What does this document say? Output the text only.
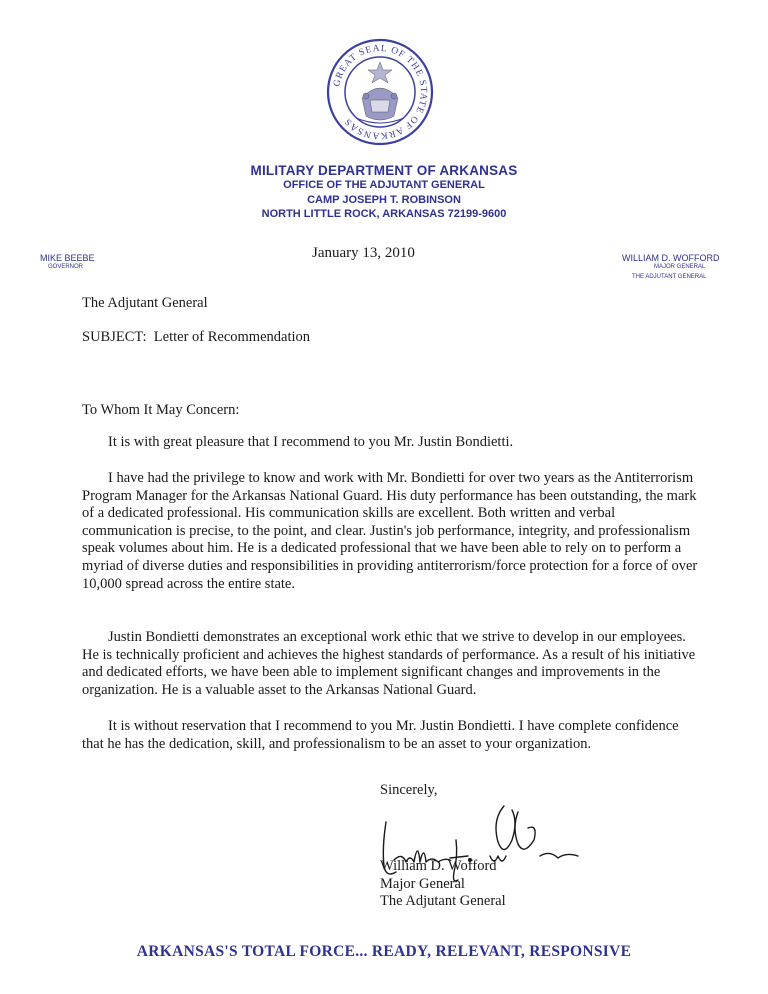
GREAT SEAL OF THE STATE OF ARKANSAS
MILITARY DEPARTMENT OF ARKANSAS
OFFICE OF THE ADJUTANT GENERAL
CAMP JOSEPH T. ROBINSON
NORTH LITTLE ROCK, ARKANSAS 72199-9600
MIKE BEEBE
GOVERNOR
WILLIAM D. WOFFORD
MAJOR GENERAL
THE ADJUTANT GENERAL
January 13, 2010
The Adjutant General
SUBJECT:  Letter of Recommendation
To Whom It May Concern:

It is with great pleasure that I recommend to you Mr. Justin Bondietti.

I have had the privilege to know and work with Mr. Bondietti for over two years as the Antiterrorism Program Manager for the Arkansas National Guard. His duty performance has been outstanding, the mark of a dedicated professional. His communication skills are excellent. Both written and verbal communication is precise, to the point, and clear. Justin's job performance, integrity, and professionalism speak volumes about him. He is a dedicated professional that we have been able to rely on to perform a myriad of diverse duties and responsibilities in providing antiterrorism/force protection for a force of over 10,000 spread across the entire state.

Justin Bondietti demonstrates an exceptional work ethic that we strive to develop in our employees. He is technically proficient and achieves the highest standards of performance. As a result of his initiative and dedicated efforts, we have been able to implement significant changes and improvements in the organization. He is a valuable asset to the Arkansas National Guard.

It is without reservation that I recommend to you Mr. Justin Bondietti. I have complete confidence that he has the dedication, skill, and professionalism to be an asset to your organization.

Sincerely,
William D. Wofford
Major General
The Adjutant General
ARKANSAS'S TOTAL FORCE... READY, RELEVANT, RESPONSIVE
